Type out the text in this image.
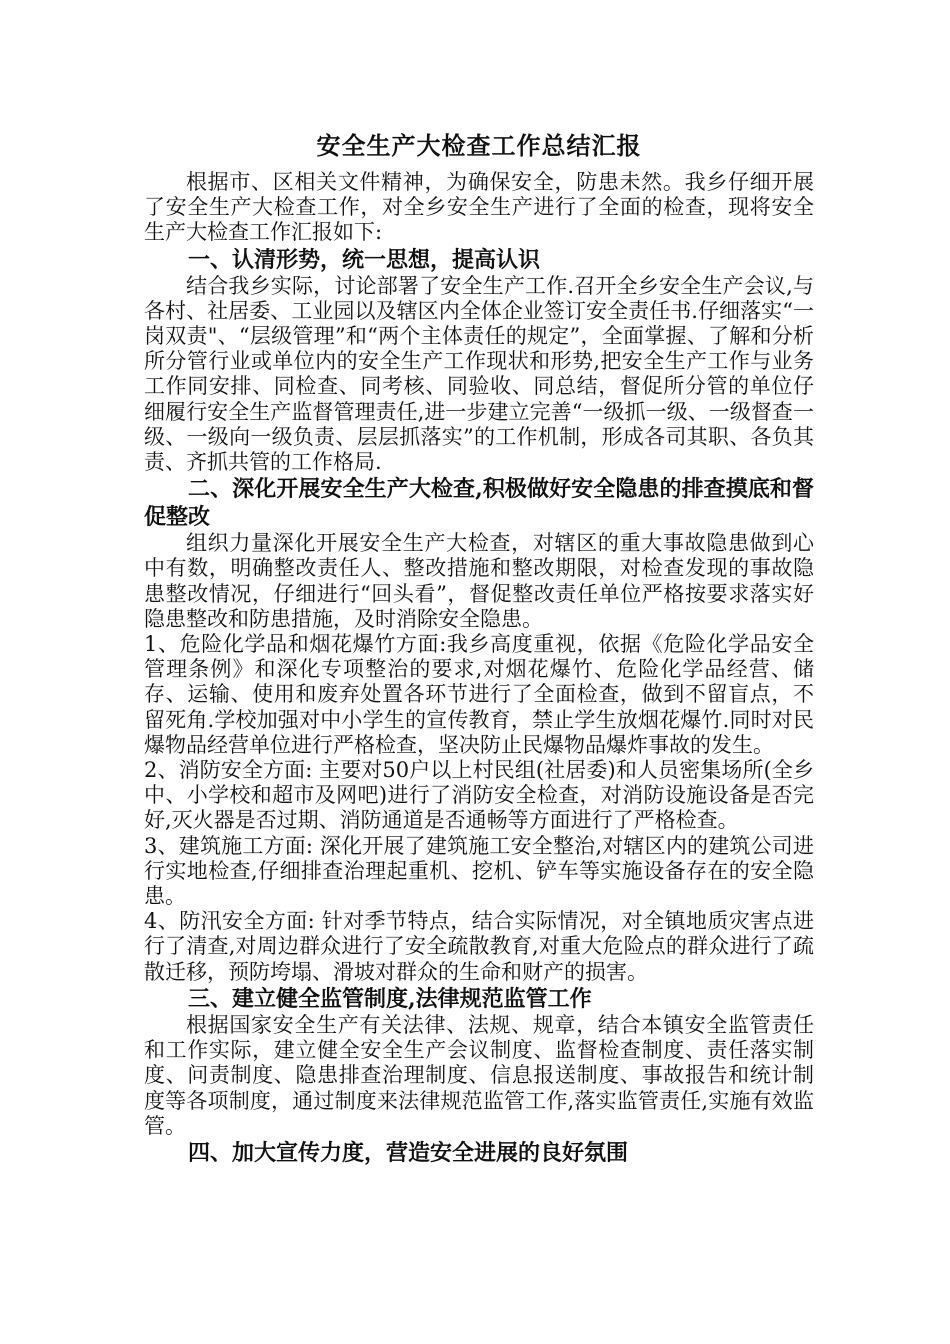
安全生产大检查工作总结汇报

根据市、区相关文件精神，为确保安全，防患未然。我乡仔细开展了安全生产大检查工作，对全乡安全生产进行了全面的检查，现将安全生产大检查工作汇报如下:

一、认清形势，统一思想，提高认识

结合我乡实际，讨论部署了安全生产工作.召开全乡安全生产会议,与各村、社居委、工业园以及辖区内全体企业签订安全责任书.仔细落实“一岗双责"、“层级管理”和“两个主体责任的规定”，全面掌握、了解和分析所分管行业或单位内的安全生产工作现状和形势,把安全生产工作与业务工作同安排、同检查、同考核、同验收、同总结，督促所分管的单位仔细履行安全生产监督管理责任,进一步建立完善“一级抓一级、一级督查一级、一级向一级负责、层层抓落实”的工作机制，形成各司其职、各负其责、齐抓共管的工作格局.

二、深化开展安全生产大检查,积极做好安全隐患的排查摸底和督促整改

组织力量深化开展安全生产大检查，对辖区的重大事故隐患做到心中有数，明确整改责任人、整改措施和整改期限，对检查发现的事故隐患整改情况，仔细进行“回头看”，督促整改责任单位严格按要求落实好隐患整改和防患措施，及时消除安全隐患。

1、危险化学品和烟花爆竹方面:我乡高度重视，依据《危险化学品安全管理条例》和深化专项整治的要求,对烟花爆竹、危险化学品经营、储存、运输、使用和废弃处置各环节进行了全面检查，做到不留盲点，不留死角.学校加强对中小学生的宣传教育，禁止学生放烟花爆竹.同时对民爆物品经营单位进行严格检查，坚决防止民爆物品爆炸事故的发生。

2、消防安全方面: 主要对50户以上村民组(社居委)和人员密集场所(全乡中、小学校和超市及网吧)进行了消防安全检查，对消防设施设备是否完好,灭火器是否过期、消防通道是否通畅等方面进行了严格检查。

3、建筑施工方面: 深化开展了建筑施工安全整治,对辖区内的建筑公司进行实地检查,仔细排查治理起重机、挖机、铲车等实施设备存在的安全隐患。

4、防汛安全方面: 针对季节特点，结合实际情况，对全镇地质灾害点进行了清查,对周边群众进行了安全疏散教育,对重大危险点的群众进行了疏散迁移，预防垮塌、滑坡对群众的生命和财产的损害。

三、建立健全监管制度,法律规范监管工作

根据国家安全生产有关法律、法规、规章，结合本镇安全监管责任和工作实际，建立健全安全生产会议制度、监督检查制度、责任落实制度、问责制度、隐患排查治理制度、信息报送制度、事故报告和统计制度等各项制度，通过制度来法律规范监管工作,落实监管责任,实施有效监管。

四、加大宣传力度，营造安全进展的良好氛围
